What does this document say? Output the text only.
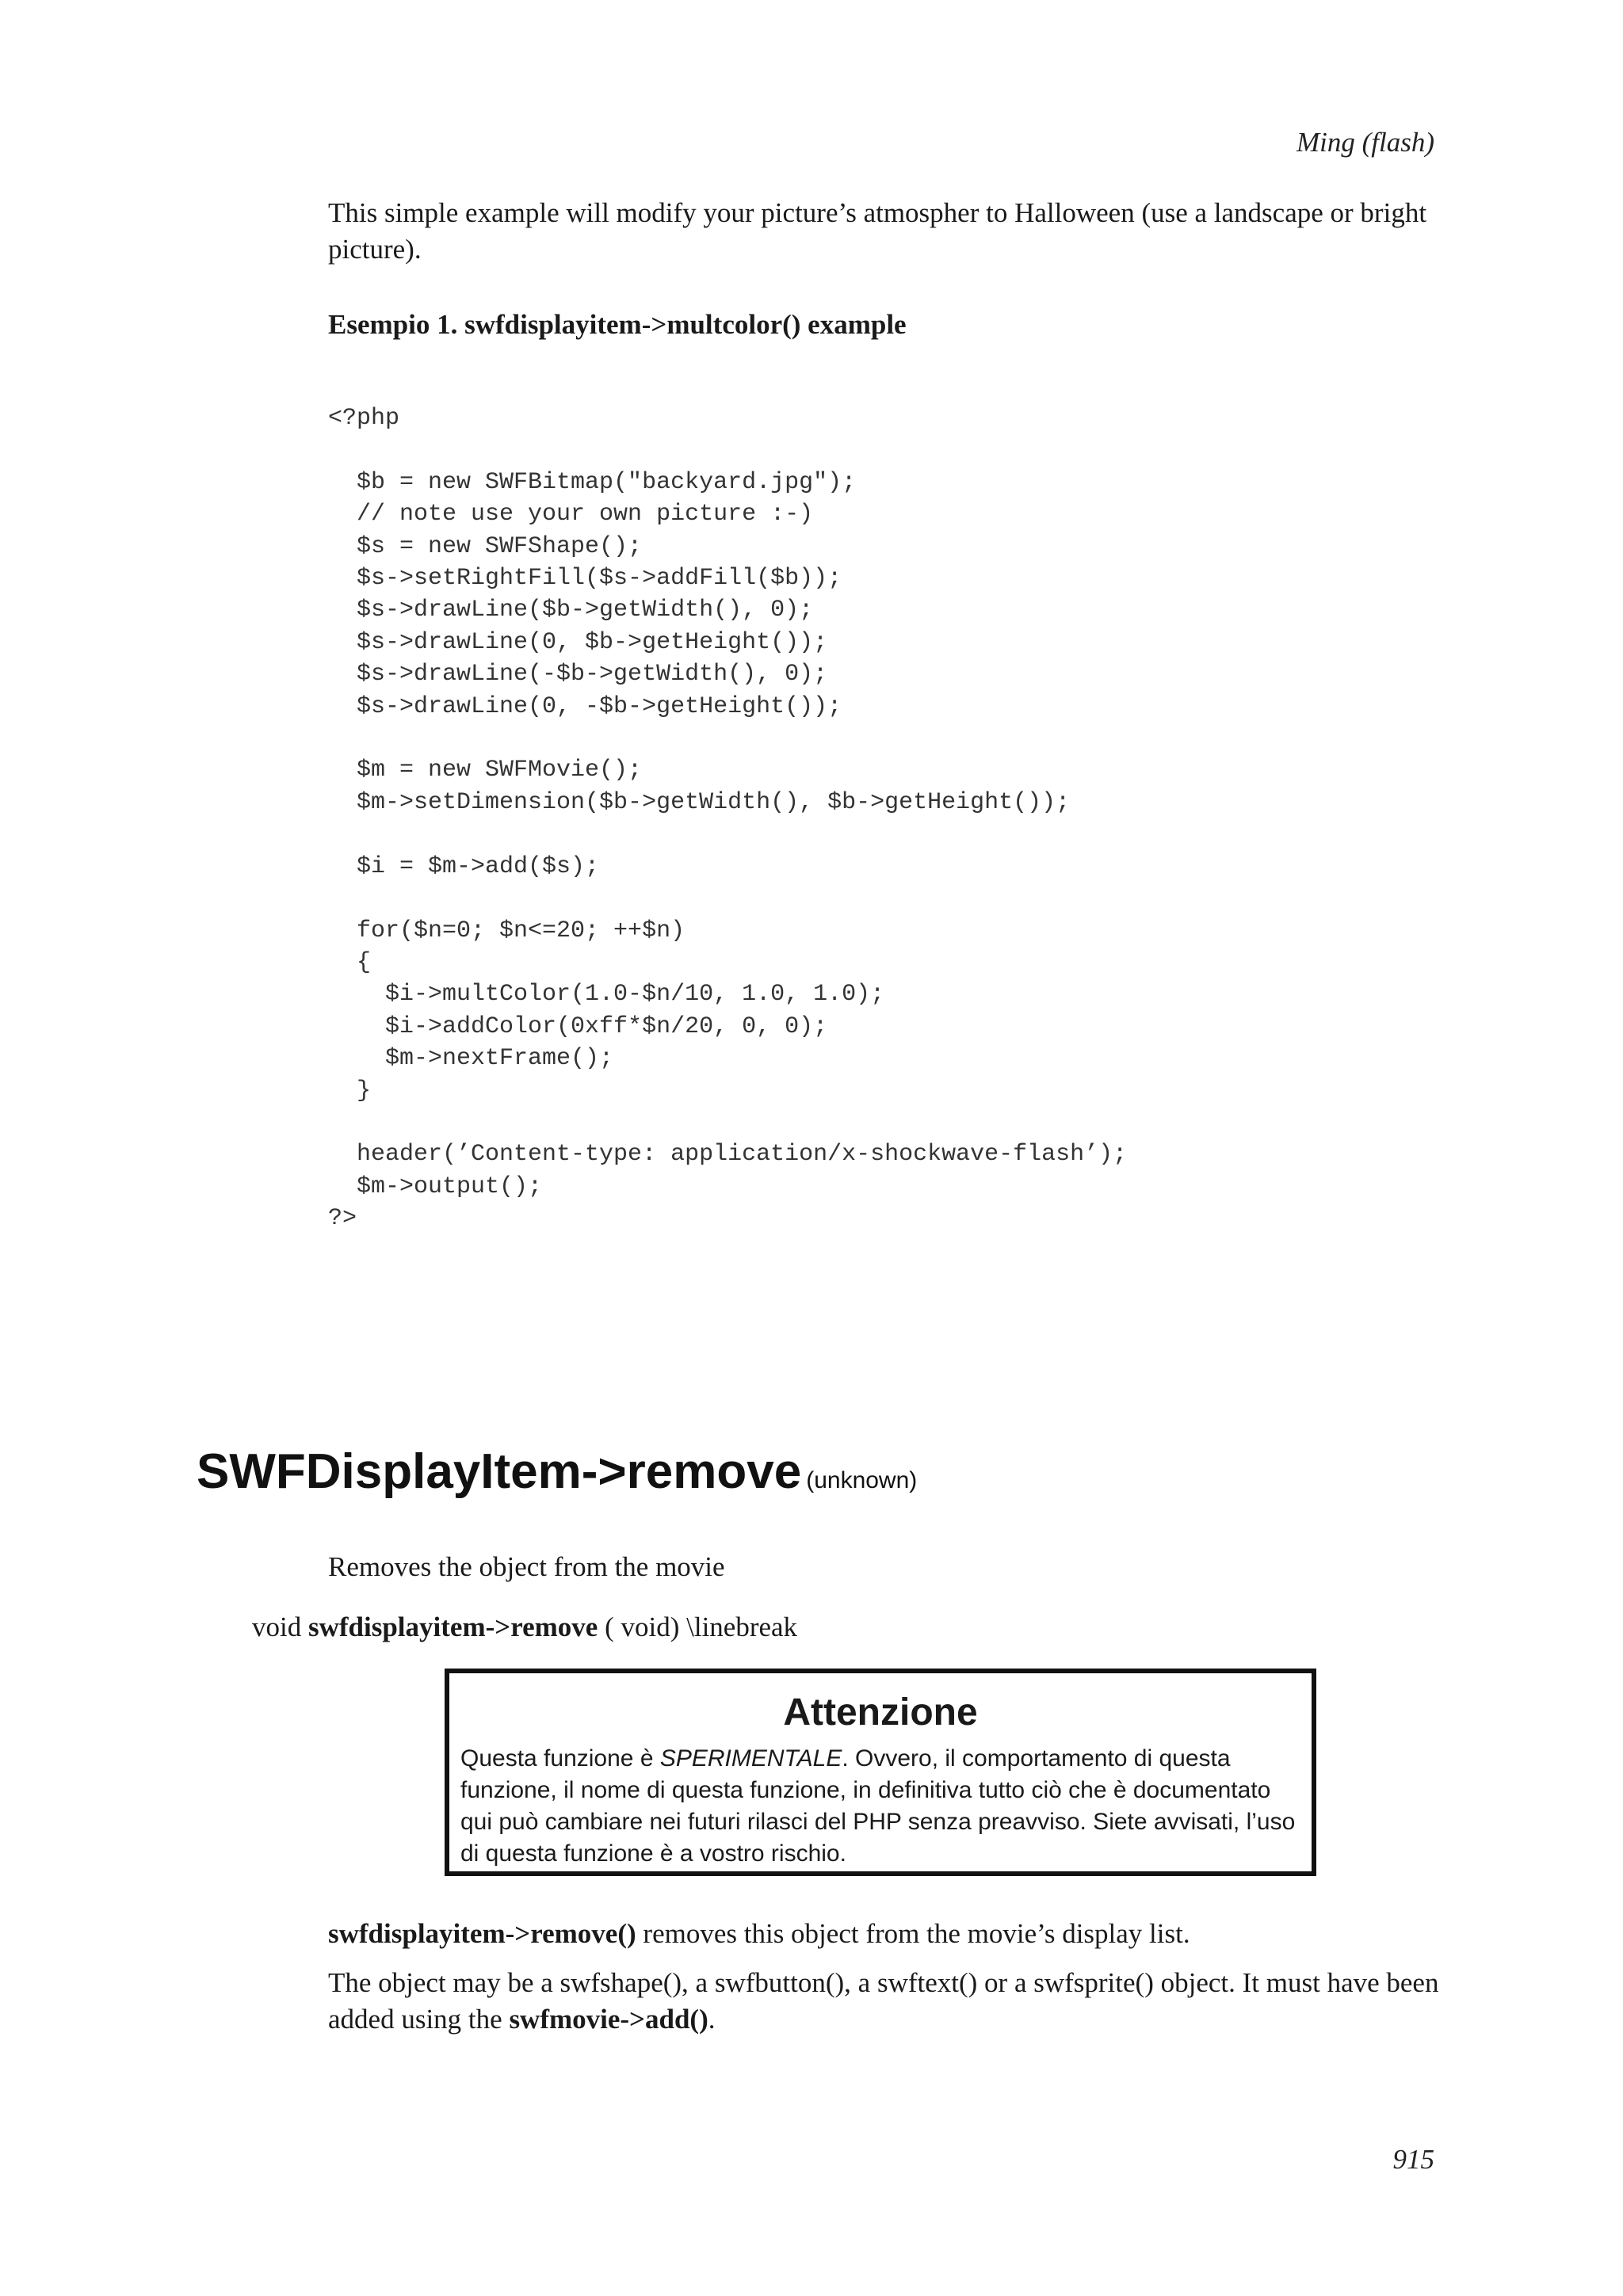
Ming (flash)
This simple example will modify your picture’s atmospher to Halloween (use a landscape or bright picture).
Esempio 1. swfdisplayitem->multcolor() example
<?php

$b = new SWFBitmap("backyard.jpg");
// note use your own picture :-)
$s = new SWFShape();
$s->setRightFill($s->addFill($b));
$s->drawLine($b->getWidth(), 0);
$s->drawLine(0, $b->getHeight());
$s->drawLine(-$b->getWidth(), 0);
$s->drawLine(0, -$b->getHeight());

$m = new SWFMovie();
$m->setDimension($b->getWidth(), $b->getHeight());

$i = $m->add($s);

for($n=0; $n<=20; ++$n)
{
$i->multColor(1.0-$n/10, 1.0, 1.0);
$i->addColor(0xff*$n/20, 0, 0);
$m->nextFrame();
}

header(’Content-type: application/x-shockwave-flash’);
$m->output();
?>
SWFDisplayItem->remove (unknown)
Removes the object from the movie
void swfdisplayitem->remove ( void) \linebreak
Attenzione
Questa funzione è SPERIMENTALE. Ovvero, il comportamento di questa funzione, il nome di questa funzione, in definitiva tutto ciò che è documentato qui può cambiare nei futuri rilasci del PHP senza preavviso. Siete avvisati, l’uso di questa funzione è a vostro rischio.
swfdisplayitem->remove() removes this object from the movie’s display list.
The object may be a swfshape(), a swfbutton(), a swftext() or a swfsprite() object. It must have been added using the swfmovie->add().
915
